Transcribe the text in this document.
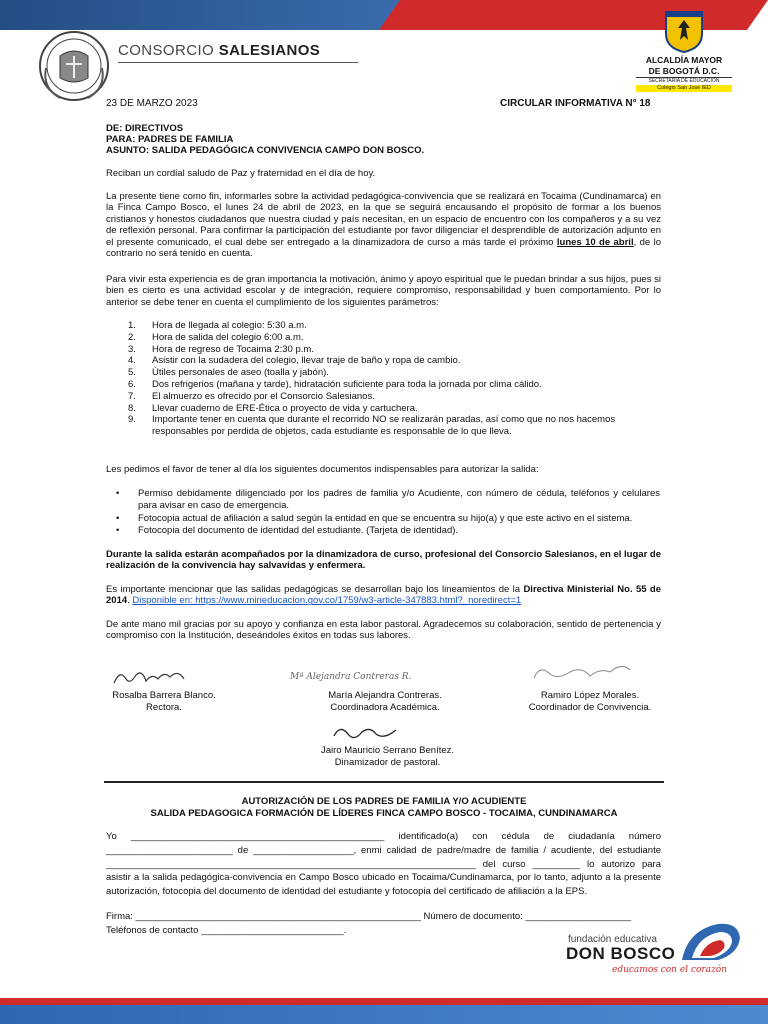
CONSORCIO SALESIANOS
ALCALDÍA MAYOR
DE BOGOTÁ D.C.
SECRETARÍA DE EDUCACIÓN
Colegio San José IED
23 DE MARZO 2023	CIRCULAR INFORMATIVA N° 18
DE: DIRECTIVOS
PARA: PADRES DE FAMILIA
ASUNTO: SALIDA PEDAGÓGICA CONVIVENCIA CAMPO DON BOSCO.
Reciban un cordial saludo de Paz y fraternidad en el día de hoy.
La presente tiene como fin, informarles sobre la actividad pedagógica-convivencia que se realizará en Tocaima (Cundinamarca) en la Finca Campo Bosco, el lunes 24 de abril de 2023, en la que se seguirá encausando el propósito de formar a los buenos cristianos y honestos ciudadanos que nuestra ciudad y país necesitan, en un espacio de encuentro con los compañeros y a su vez de reflexión personal. Para confirmar la participación del estudiante por favor diligenciar el desprendible de autorización adjunto en el presente comunicado, el cual debe ser entregado a la dinamizadora de curso a más tarde el próximo lunes 10 de abril, de lo contrario no será tenido en cuenta.
Para vivir esta experiencia es de gran importancia la motivación, ánimo y apoyo espiritual que le puedan brindar a sus hijos, pues si bien es cierto es una actividad escolar y de integración, requiere compromiso, responsabilidad y buen comportamiento. Por lo anterior se debe tener en cuenta el cumplimiento de los siguientes parámetros:
1. Hora de llegada al colegio: 5:30 a.m.
2. Hora de salida del colegio 6:00 a.m.
3. Hora de regreso de Tocaima 2:30 p.m.
4. Asistir con la sudadera del colegio, llevar traje de baño y ropa de cambio.
5. Útiles personales de aseo (toalla y jabón).
6. Dos refrigerios (mañana y tarde), hidratación suficiente para toda la jornada por clima cálido.
7. El almuerzo es ofrecido por el Consorcio Salesianos.
8. Llevar cuaderno de ERE-Ética o proyecto de vida y cartuchera.
9. Importante tener en cuenta que durante el recorrido NO se realizarán paradas, así como que no nos hacemos responsables por perdida de objetos, cada estudiante es responsable de lo que lleva.
Les pedimos el favor de tener al día los siguientes documentos indispensables para autorizar la salida:
• Permiso debidamente diligenciado por los padres de familia y/o Acudiente, con número de cédula, teléfonos y celulares para avisar en caso de emergencia.
• Fotocopia actual de afiliación a salud según la entidad en que se encuentra su hijo(a) y que este activo en el sistema.
• Fotocopia del documento de identidad del estudiante. (Tarjeta de identidad).
Durante la salida estarán acompañados por la dinamizadora de curso, profesional del Consorcio Salesianos, en el lugar de realización de la convivencia hay salvavidas y enfermera.
Es importante mencionar que las salidas pedagógicas se desarrollan bajo los lineamientos de la Directiva Ministerial No. 55 de 2014. Disponible en: https://www.mineducacion.gov.co/1759/w3-article-347883.html?_noredirect=1
De ante mano mil gracias por su apoyo y confianza en esta labor pastoral. Agradecemos su colaboración, sentido de pertenencia y compromiso con la Institución, deseándoles éxitos en todas sus labores.
Mª Alejandra Contreras R.
Rosalba Barrera Blanco.
Rectora.
María Alejandra Contreras.
Coordinadora Académica.
Ramiro López Morales.
Coordinador de Convivencia.
Jairo Mauricio Serrano Benítez.
Dinamizador de pastoral.
AUTORIZACIÓN DE LOS PADRES DE FAMILIA Y/O ACUDIENTE
SALIDA PEDAGOGICA FORMACIÓN DE LÍDERES FINCA CAMPO BOSCO - TOCAIMA, CUNDINAMARCA
Yo ________________________________________________ identificado(a) con cédula de ciudadanía número ________________________ de ___________________, enmi calidad de padre/madre de familia / acudiente, del estudiante ______________________________________________________________________ del curso _________ lo autorizo para asistir a la salida pedagógica-convivencia en Campo Bosco ubicado en Tocaima/Cundinamarca, por lo tanto, adjunto a la presente autorización, fotocopia del documento de identidad del estudiante y fotocopia del certificado de afiliación a la EPS.
Firma: ______________________________________________________ Número de documento: ____________________
Teléfonos de contacto ___________________________.
fundación educativa
DON BOSCO
educamos con el corazón
